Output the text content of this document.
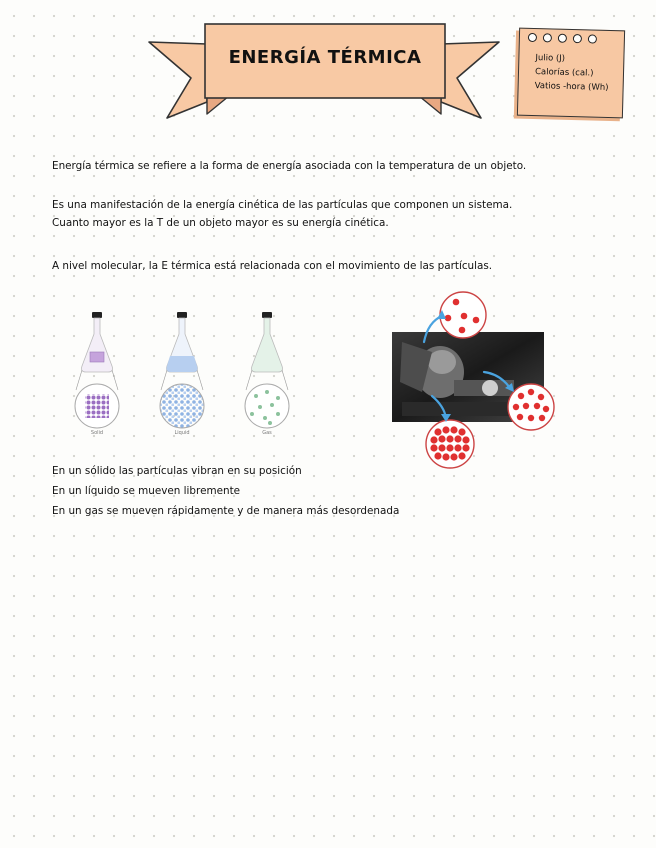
ENERGÍA TÉRMICA	Julio (J)
Calorías (cal.)
Vatios -hora (Wh)
Energía térmica se refiere a la forma de energía asociada con la temperatura de un objeto.
Es una manifestación de la energía cinética de las partículas que componen un sistema.
Cuanto mayor es la T de un objeto mayor es su energía cinética.
A nivel molecular, la E térmica está relacionada con el movimiento de las partículas.
Solid	Liquid	Gas
En un sólido las partículas vibran en su posición
En un líquido se mueven libremente
En un gas se mueven rápidamente y de manera más desordenada
